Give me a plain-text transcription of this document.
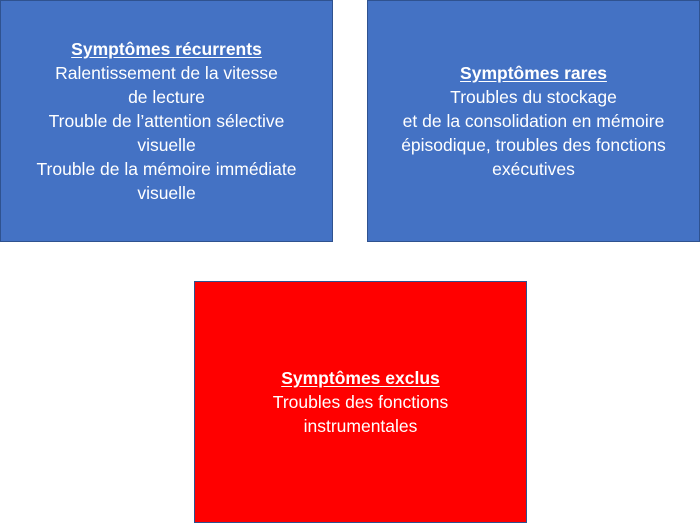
Symptômes récurrents
Ralentissement de la vitesse
de lecture
Trouble de l’attention sélective
visuelle
Trouble de la mémoire immédiate
visuelle
Symptômes rares
Troubles du stockage
et de la consolidation en mémoire
épisodique, troubles des fonctions
exécutives
Symptômes exclus
Troubles des fonctions
instrumentales
